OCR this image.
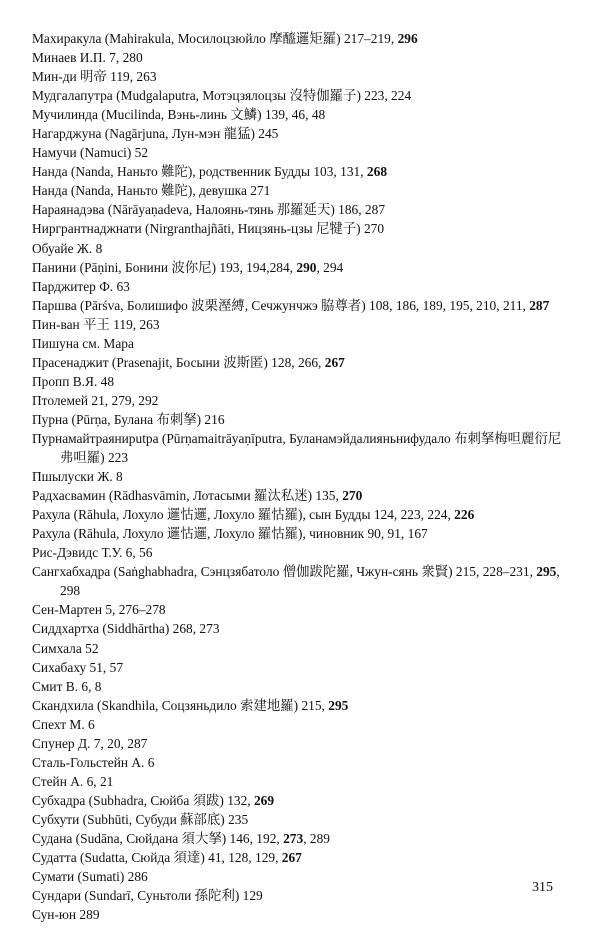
Махиракула (Mahirakula, Мосилоцзюйло 摩醯邏矩羅) 217–219, 296

Минаев И.П. 7, 280

Мин-ди 明帝 119, 263

Мудгалапутра (Mudgalaputra, Мотэцзялоцзы 沒特伽羅子) 223, 224

Мучилинда (Mucilinda, Вэнь-линь 文鱗) 139, 46, 48

Нагарджуна (Nagārjuna, Лун-мэн 龍猛) 245

Намучи (Namuci) 52

Нанда (Nanda, Наньто 難陀), родственник Будды 103, 131, 268

Нанда (Nanda, Наньто 難陀), девушка 271

Нараянадэва (Nārāyaṇadeva, Налоянь-тянь 那羅延天) 186, 287

Ниргрантнаджнати (Nirgranthajñāti, Ницзянь-цзы 尼犍子) 270

Обуайе Ж. 8

Панини (Pāṇini, Бонини 波你尼) 193, 194,284, 290, 294

Парджитер Ф. 63

Паршва (Pārśva, Болишифо 波栗溼縛, Сечжунчжэ 脇尊者) 108, 186, 189, 195, 210, 211, 287

Пин-ван 平王 119, 263

Пишуна см. Мара

Прасенаджит (Prasenajit, Босыни 波斯匿) 128, 266, 267

Пропп В.Я. 48

Птолемей 21, 279, 292

Пурна (Pūrṇa, Булана 布刺拏) 216

Пурнамайтраяниputра (Pūrṇamaitrāyaṇīputra, Буланамэйдалияньнифудало 布刺拏梅呾麗衍尼弗呾羅) 223

Пшылуски Ж. 8

Радхасвамин (Rādhasvāmin, Лотасыми 羅汰私迷) 135, 270

Рахула (Rāhula, Лохуло 邏怙邏, Лохуло 羅怙羅), сын Будды 124, 223, 224, 226

Рахула (Rāhula, Лохуло 邏怙邏, Лохуло 羅怙羅), чиновник 90, 91, 167

Рис-Дэвидс Т.У. 6, 56

Сангхабхадра (Saṅghabhadra, Сэнцзябатоло 僧伽跋陀羅, Чжун-сянь 衆賢) 215, 228–231, 295, 298

Сен-Мартен 5, 276–278

Сиддхартха (Siddhārtha) 268, 273

Симхала 52

Сихабаху 51, 57

Смит В. 6, 8

Скандхила (Skandhila, Соцзяньдило 索建地羅) 215, 295

Спехт М. 6

Спунер Д. 7, 20, 287

Сталь-Гольстейн А. 6

Стейн А. 6, 21

Субхадра (Subhadra, Сюйба 須跋) 132, 269

Субхути (Subhūti, Субуди 蘇部底) 235

Судана (Sudāna, Сюйдана 須大拏) 146, 192, 273, 289

Судатта (Sudatta, Сюйда 須達) 41, 128, 129, 267

Сумати (Sumati) 286

Сундари (Sundarī, Суньтоли 孫陀利) 129

Сун-юн 289

315
